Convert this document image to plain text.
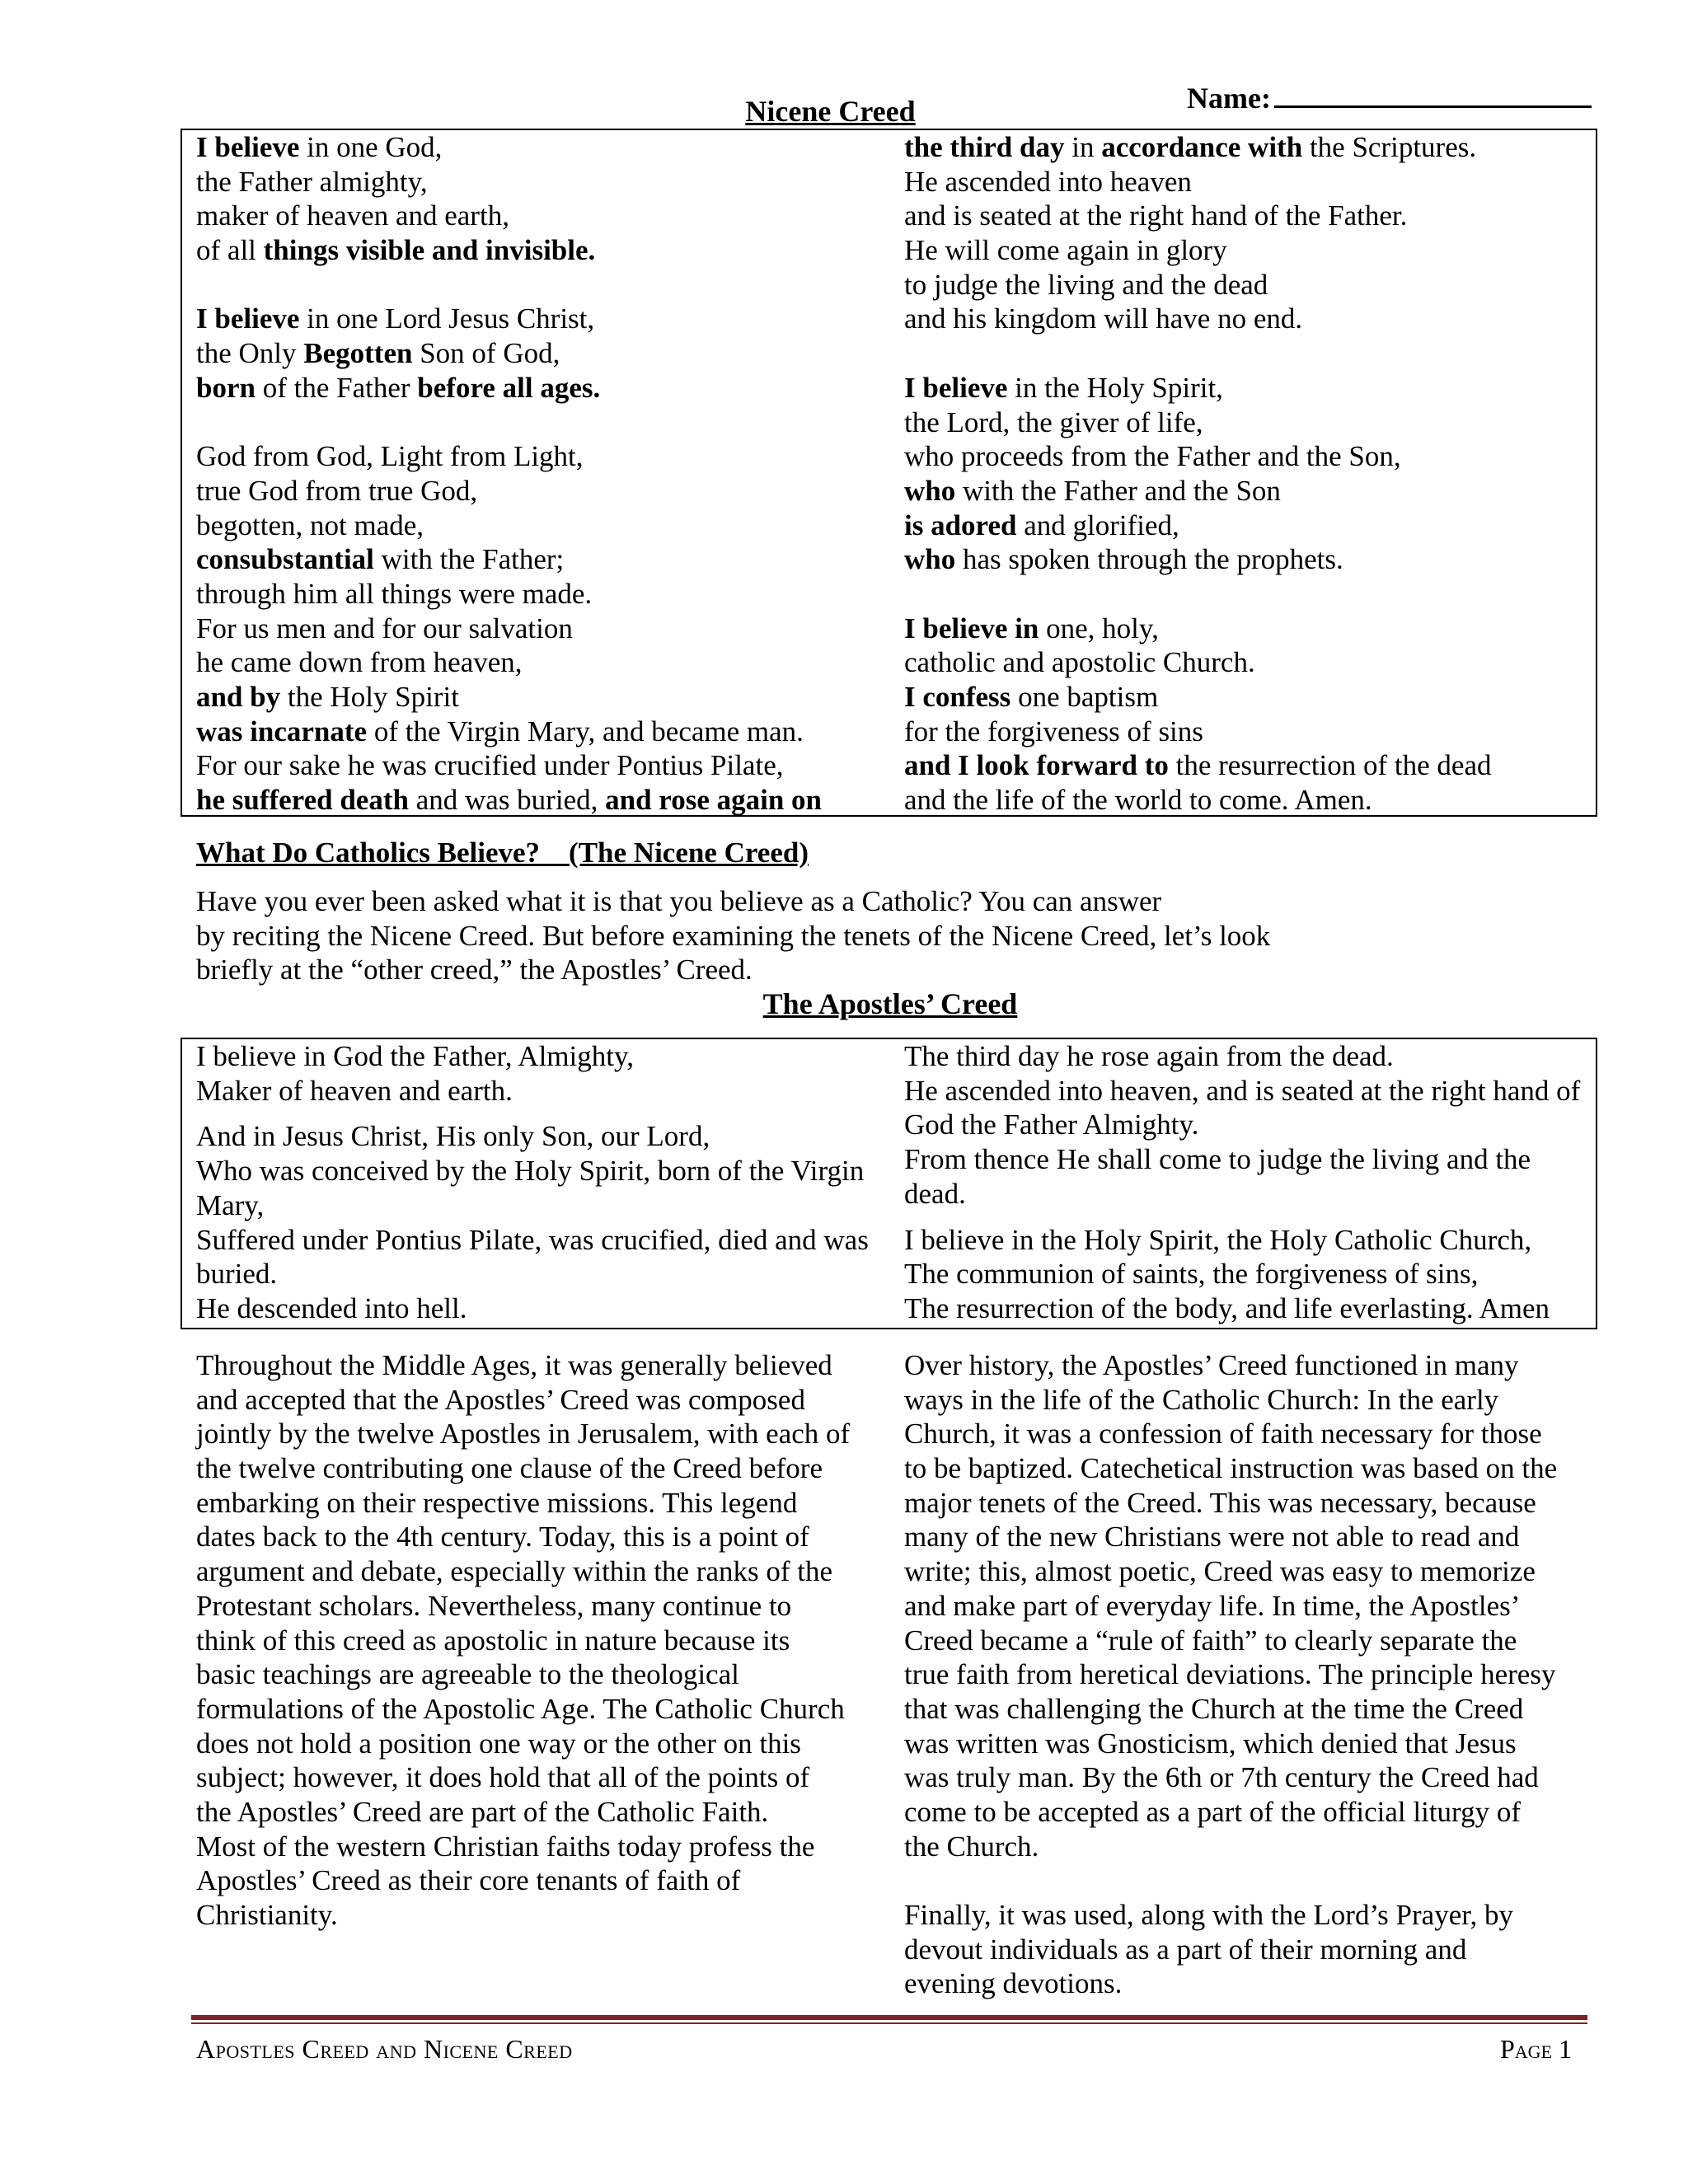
Name:
Nicene Creed
I believe in one God,
the Father almighty,
maker of heaven and earth,
of all things visible and invisible.
I believe in one Lord Jesus Christ,
the Only Begotten Son of God,
born of the Father before all ages.
God from God, Light from Light,
true God from true God,
begotten, not made,
consubstantial with the Father;
through him all things were made.
For us men and for our salvation
he came down from heaven,
and by the Holy Spirit
was incarnate of the Virgin Mary, and became man.
For our sake he was crucified under Pontius Pilate,
he suffered death and was buried, and rose again on
the third day in accordance with the Scriptures.
He ascended into heaven
and is seated at the right hand of the Father.
He will come again in glory
to judge the living and the dead
and his kingdom will have no end.
I believe in the Holy Spirit,
the Lord, the giver of life,
who proceeds from the Father and the Son,
who with the Father and the Son
is adored and glorified,
who has spoken through the prophets.
I believe in one, holy,
catholic and apostolic Church.
I confess one baptism
for the forgiveness of sins
and I look forward to the resurrection of the dead
and the life of the world to come. Amen.
What Do Catholics Believe?    (The Nicene Creed)
Have you ever been asked what it is that you believe as a Catholic? You can answer
by reciting the Nicene Creed. But before examining the tenets of the Nicene Creed, let’s look
briefly at the “other creed,” the Apostles’ Creed.
The Apostles’ Creed

I believe in God the Father, Almighty,
Maker of heaven and earth.

And in Jesus Christ, His only Son, our Lord,
Who was conceived by the Holy Spirit, born of the Virgin Mary,
Suffered under Pontius Pilate, was crucified, died and was buried.
He descended into hell.

The third day he rose again from the dead.
He ascended into heaven, and is seated at the right hand of God the Father Almighty.
From thence He shall come to judge the living and the dead.

I believe in the Holy Spirit, the Holy Catholic Church,
The communion of saints, the forgiveness of sins,
The resurrection of the body, and life everlasting. Amen

Throughout the Middle Ages, it was generally believed
and accepted that the Apostles’ Creed was composed
jointly by the twelve Apostles in Jerusalem, with each of
the twelve contributing one clause of the Creed before
embarking on their respective missions. This legend
dates back to the 4th century. Today, this is a point of
argument and debate, especially within the ranks of the
Protestant scholars. Nevertheless, many continue to
think of this creed as apostolic in nature because its
basic teachings are agreeable to the theological
formulations of the Apostolic Age. The Catholic Church
does not hold a position one way or the other on this
subject; however, it does hold that all of the points of
the Apostles’ Creed are part of the Catholic Faith.
Most of the western Christian faiths today profess the
Apostles’ Creed as their core tenants of faith of
Christianity.
Over history, the Apostles’ Creed functioned in many
ways in the life of the Catholic Church: In the early
Church, it was a confession of faith necessary for those
to be baptized. Catechetical instruction was based on the
major tenets of the Creed. This was necessary, because
many of the new Christians were not able to read and
write; this, almost poetic, Creed was easy to memorize
and make part of everyday life. In time, the Apostles’
Creed became a “rule of faith” to clearly separate the
true faith from heretical deviations. The principle heresy
that was challenging the Church at the time the Creed
was written was Gnosticism, which denied that Jesus
was truly man. By the 6th or 7th century the Creed had
come to be accepted as a part of the official liturgy of
the Church.
Finally, it was used, along with the Lord’s Prayer, by
devout individuals as a part of their morning and
evening devotions.
Apostles Creed and Nicene Creed	Page 1
